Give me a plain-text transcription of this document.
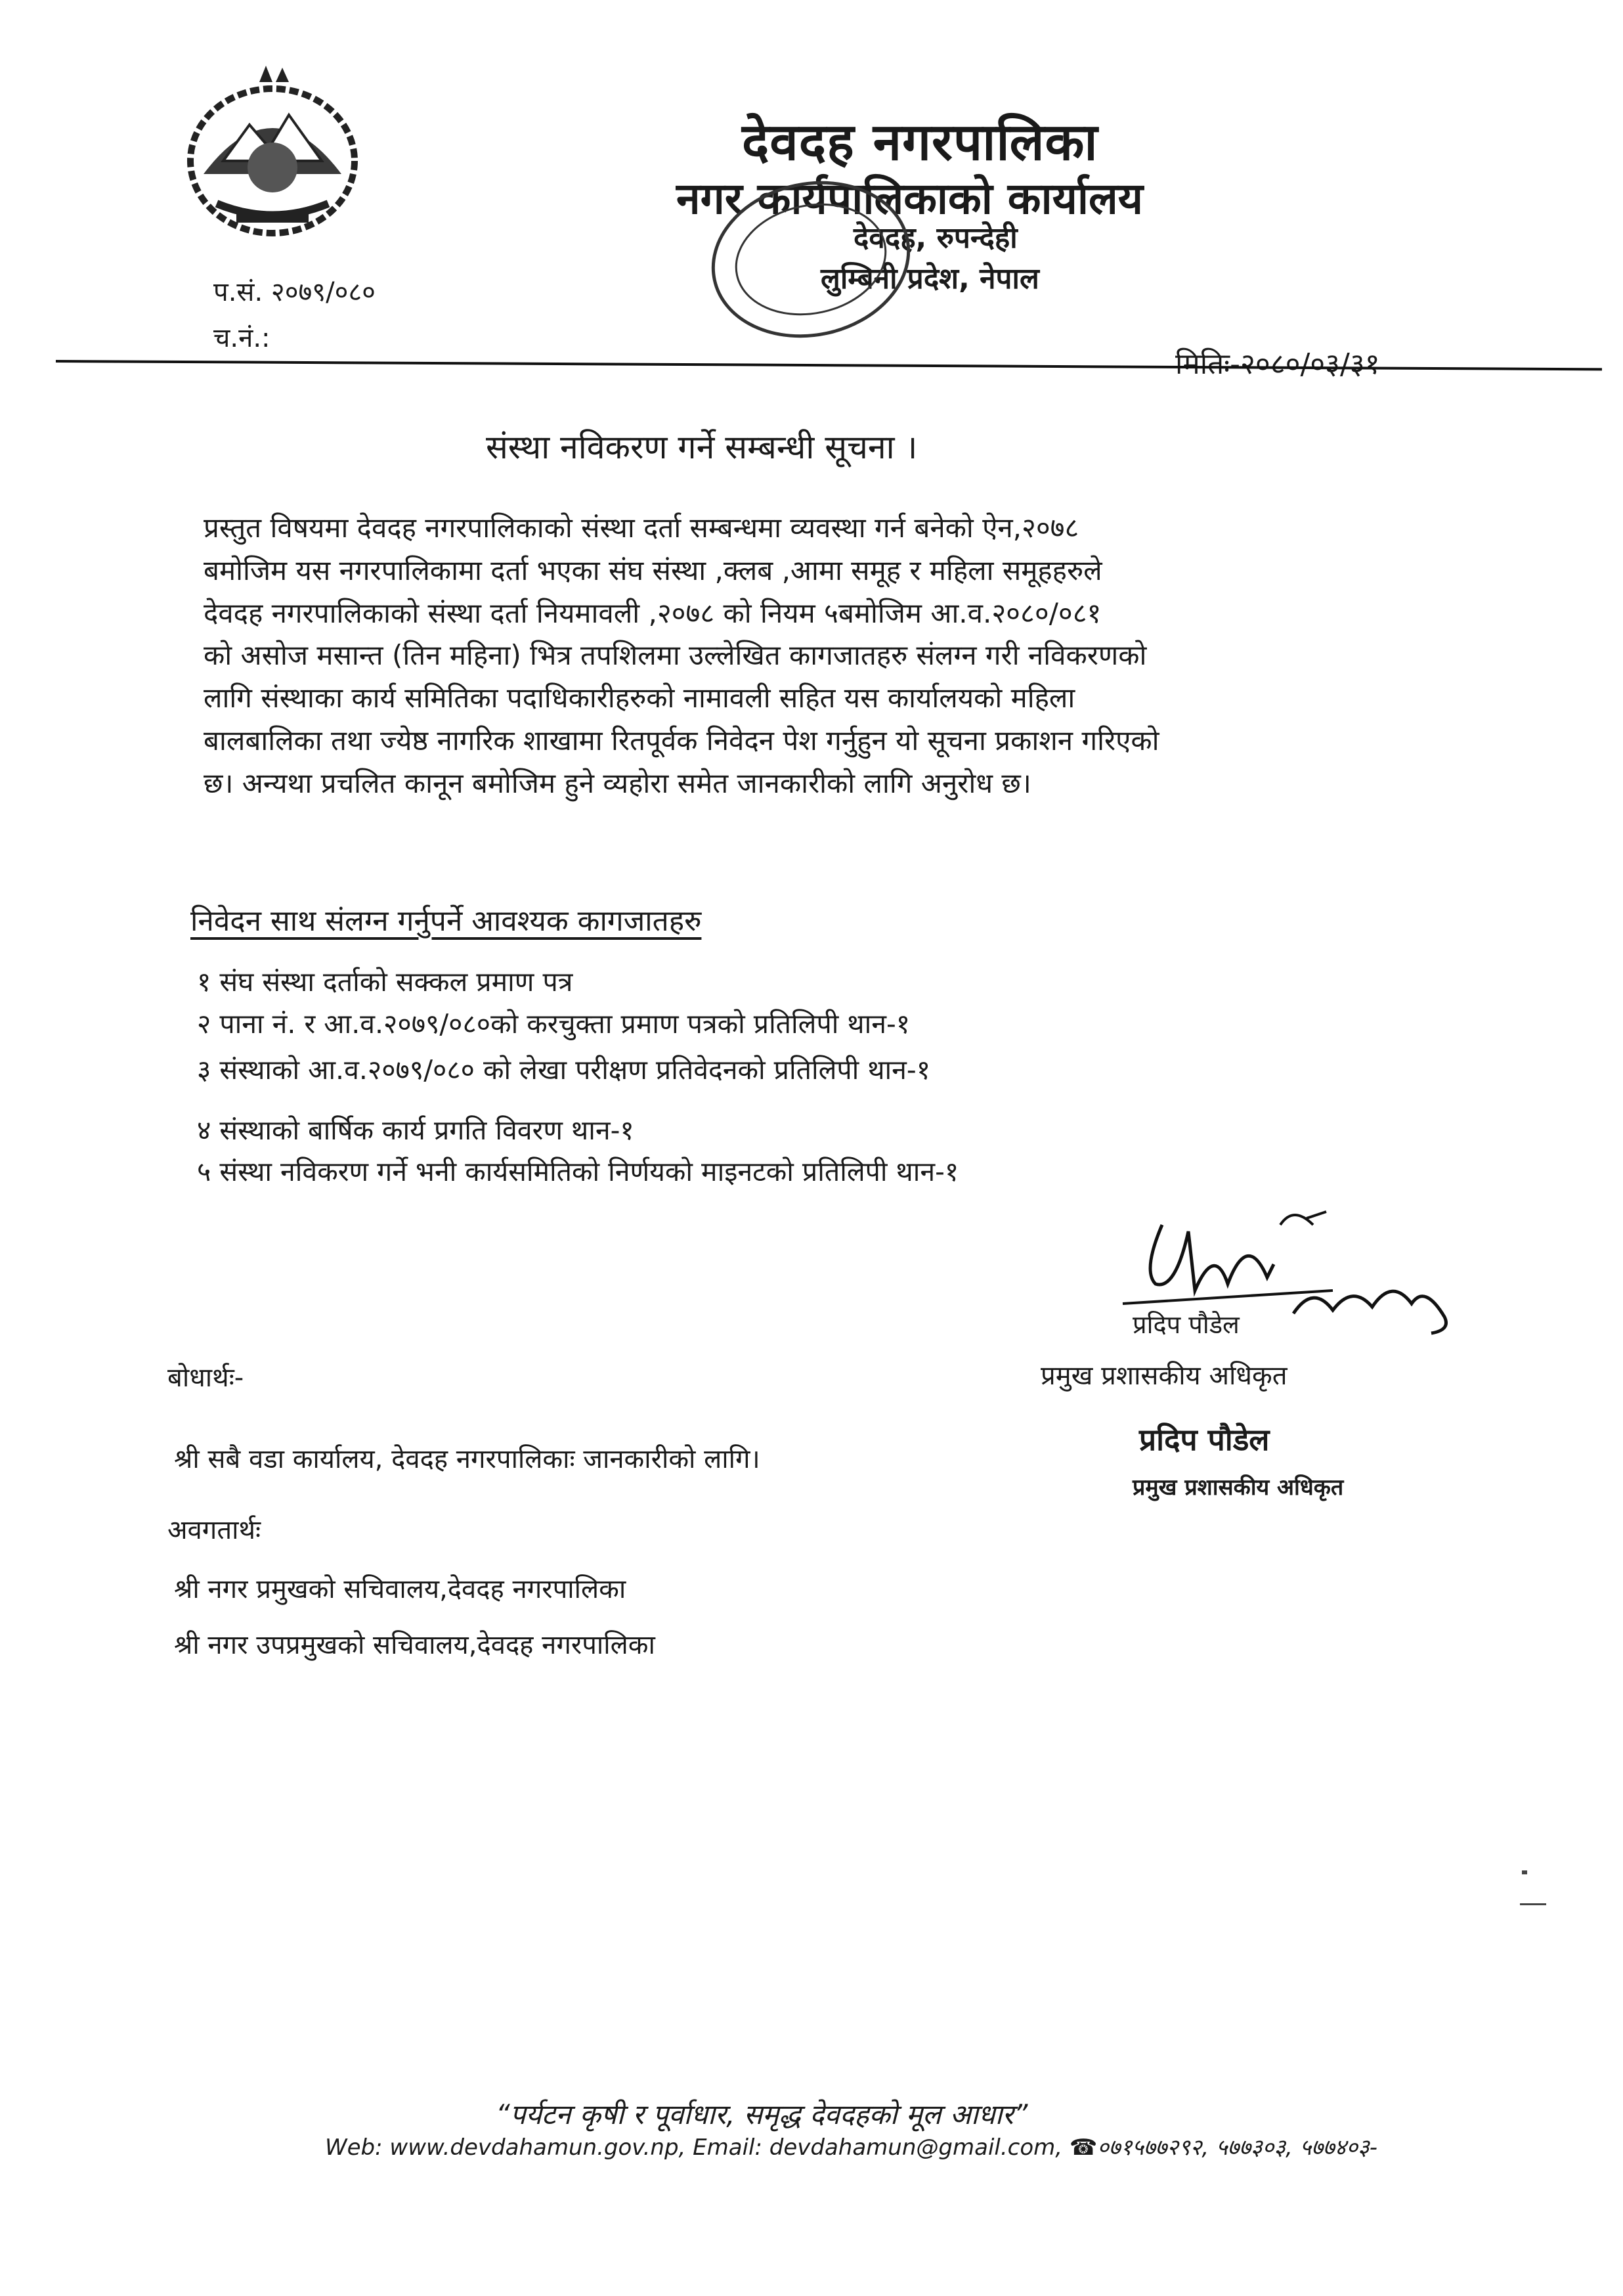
देवदह नगरपालिका
नगर कार्यपालिकाको कार्यालय
देवदह, रुपन्देही
लुम्बिनी प्रदेश, नेपाल
प.सं. २०७९/०८०
च.नं.:
मितिः-२०८०/०३/३१
संस्था नविकरण गर्ने सम्बन्धी सूचना ।
प्रस्तुत विषयमा देवदह नगरपालिकाको संस्था दर्ता सम्बन्धमा व्यवस्था गर्न बनेको ऐन,२०७८
बमोजिम यस नगरपालिकामा दर्ता भएका संघ संस्था ,क्लब ,आमा समूह र महिला समूहहरुले
देवदह नगरपालिकाको संस्था दर्ता नियमावली ,२०७८ को नियम ५बमोजिम आ.व.२०८०/०८१
को असोज मसान्त (तिन महिना) भित्र तपशिलमा उल्लेखित कागजातहरु संलग्न गरी नविकरणको
लागि संस्थाका कार्य समितिका पदाधिकारीहरुको नामावली सहित यस कार्यालयको महिला
बालबालिका तथा ज्येष्ठ नागरिक शाखामा रितपूर्वक निवेदन पेश गर्नुहुन यो सूचना प्रकाशन गरिएको
छ। अन्यथा प्रचलित कानून बमोजिम हुने व्यहोरा समेत जानकारीको लागि अनुरोध छ।
निवेदन साथ संलग्न गर्नुपर्ने आवश्यक कागजातहरु
१ संघ संस्था दर्ताको सक्कल प्रमाण पत्र
२ पाना नं. र आ.व.२०७९/०८०को करचुक्ता प्रमाण पत्रको प्रतिलिपी थान-१
३ संस्थाको आ.व.२०७९/०८० को लेखा परीक्षण प्रतिवेदनको प्रतिलिपी थान-१
४ संस्थाको बार्षिक कार्य प्रगति विवरण थान-१
५ संस्था नविकरण गर्ने भनी कार्यसमितिको निर्णयको माइनटको प्रतिलिपी थान-१
प्रदिप पौडेल
प्रमुख प्रशासकीय अधिकृत
बोधार्थः-
श्री सबै वडा कार्यालय, देवदह नगरपालिकाः जानकारीको लागि।
प्रदिप पौडेल
प्रमुख प्रशासकीय अधिकृत
अवगतार्थः
श्री नगर प्रमुखको सचिवालय,देवदह नगरपालिका
श्री नगर उपप्रमुखको सचिवालय,देवदह नगरपालिका
“पर्यटन कृषी र पूर्वाधार, समृद्ध देवदहको मूल आधार”
Web: www.devdahamun.gov.np, Email: devdahamun@gmail.com, ☎०७१५७७२९२, ५७७३०३, ५७७४०३-
